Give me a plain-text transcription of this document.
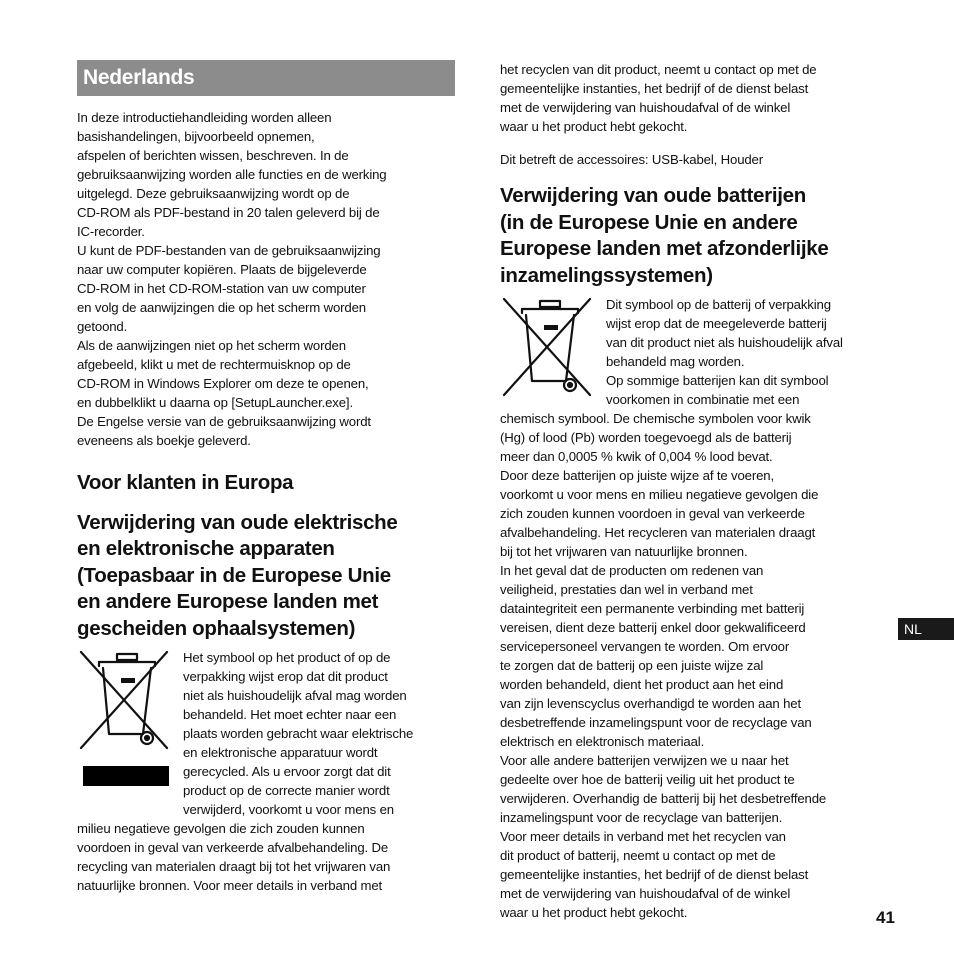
Nederlands

In deze introductiehandleiding worden alleen
basishandelingen, bijvoorbeeld opnemen,
afspelen of berichten wissen, beschreven. In de
gebruiksaanwijzing worden alle functies en de werking
uitgelegd. Deze gebruiksaanwijzing wordt op de
CD-ROM als PDF-bestand in 20 talen geleverd bij de
IC-recorder.
U kunt de PDF-bestanden van de gebruiksaanwijzing
naar uw computer kopiëren. Plaats de bijgeleverde
CD-ROM in het CD-ROM-station van uw computer
en volg de aanwijzingen die op het scherm worden
getoond.
Als de aanwijzingen niet op het scherm worden
afgebeeld, klikt u met de rechtermuisknop op de
CD-ROM in Windows Explorer om deze te openen,
en dubbelklikt u daarna op [SetupLauncher.exe].
De Engelse versie van de gebruiksaanwijzing wordt
eveneens als boekje geleverd.

Voor klanten in Europa
Verwijdering van oude elektrische
en elektronische apparaten
(Toepasbaar in de Europese Unie
en andere Europese landen met
gescheiden ophaalsystemen)
Het symbool op het product of op de
verpakking wijst erop dat dit product
niet als huishoudelijk afval mag worden
behandeld. Het moet echter naar een
plaats worden gebracht waar elektrische
en elektronische apparatuur wordt
gerecycled. Als u ervoor zorgt dat dit
product op de correcte manier wordt
verwijderd, voorkomt u voor mens en

milieu negatieve gevolgen die zich zouden kunnen
voordoen in geval van verkeerde afvalbehandeling. De
recycling van materialen draagt bij tot het vrijwaren van
natuurlijke bronnen. Voor meer details in verband met

het recyclen van dit product, neemt u contact op met de
gemeentelijke instanties, het bedrijf of de dienst belast
met de verwijdering van huishoudafval of de winkel
waar u het product hebt gekocht.

Dit betreft de accessoires: USB-kabel, Houder

Verwijdering van oude batterijen
(in de Europese Unie en andere
Europese landen met afzonderlijke
inzamelingssystemen)
Dit symbool op de batterij of verpakking
wijst erop dat de meegeleverde batterij
van dit product niet als huishoudelijk afval
behandeld mag worden.
Op sommige batterijen kan dit symbool
voorkomen in combinatie met een

chemisch symbool. De chemische symbolen voor kwik
(Hg) of lood (Pb) worden toegevoegd als de batterij
meer dan 0,0005 % kwik of 0,004 % lood bevat.
Door deze batterijen op juiste wijze af te voeren,
voorkomt u voor mens en milieu negatieve gevolgen die
zich zouden kunnen voordoen in geval van verkeerde
afvalbehandeling. Het recycleren van materialen draagt
bij tot het vrijwaren van natuurlijke bronnen.
In het geval dat de producten om redenen van
veiligheid, prestaties dan wel in verband met
dataintegriteit een permanente verbinding met batterij
vereisen, dient deze batterij enkel door gekwalificeerd
servicepersoneel vervangen te worden. Om ervoor
te zorgen dat de batterij op een juiste wijze zal
worden behandeld, dient het product aan het eind
van zijn levenscyclus overhandigd te worden aan het
desbetreffende inzamelingspunt voor de recyclage van
elektrisch en elektronisch materiaal.
Voor alle andere batterijen verwijzen we u naar het
gedeelte over hoe de batterij veilig uit het product te
verwijderen. Overhandig de batterij bij het desbetreffende
inzamelingspunt voor de recyclage van batterijen.
Voor meer details in verband met het recyclen van
dit product of batterij, neemt u contact op met de
gemeentelijke instanties, het bedrijf of de dienst belast
met de verwijdering van huishoudafval of de winkel
waar u het product hebt gekocht.

NL
41
